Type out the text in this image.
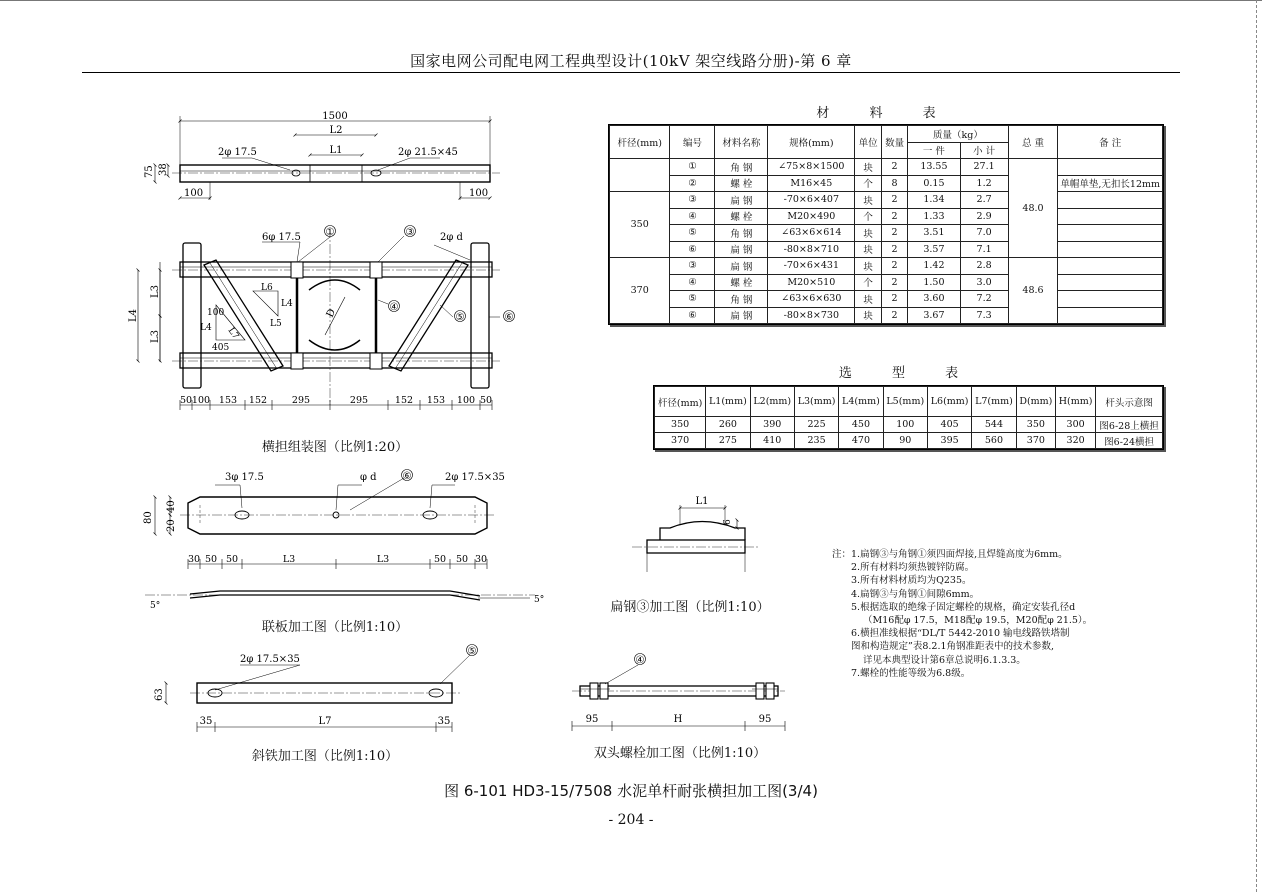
国家电网公司配电网工程典型设计(10kV 架空线路分册)-第 6 章
1500
L2
L1
2φ 17.5	2φ 21.5×45
75 38
100	100
6φ 17.5	2φ d
①	③
④
⑤	⑥
L3
L3
L4	D
L6
L4
L5
100
L4 L7
405
50 100 153 152	295	295	152 153 100 50
3φ 17.5	φ d	⑥	2φ 17.5×35
80
40
20
30 50 50	L3	L3	50 50 30
5°
5°
2φ 17.5×35
⑤
63
35	L7	35
L1
6
④
95	H	95
横担组装图（比例1:20）
联板加工图（比例1:10）
斜铁加工图（比例1:10）
扁钢③加工图（比例1:10）
双头螺栓加工图（比例1:10）
材 料 表
杆径(mm)	编号	材料名称	规格(mm)	单位	数量	质量（kg）		总 重	备 注
						一 件	小 计		
	①	角 钢	∠75×8×1500	块	2	13.55	27.1	48.0	
	②	螺 栓	M16×45	个	8	0.15	1.2		单帽单垫,无扣长12mm
350	③	扁 钢	-70×6×407	块	2	1.34	2.7		
	④	螺 栓	M20×490	个	2	1.33	2.9		
	⑤	角 钢	∠63×6×614	块	2	3.51	7.0		
	⑥	扁 钢	-80×8×710	块	2	3.57	7.1		
370	③	扁 钢	-70×6×431	块	2	1.42	2.8	48.6	
	④	螺 栓	M20×510	个	2	1.50	3.0		
	⑤	角 钢	∠63×6×630	块	2	3.60	7.2		
	⑥	扁 钢	-80×8×730	块	2	3.67	7.3		
选 型 表
杆径(mm)	L1(mm)	L2(mm)	L3(mm)	L4(mm)	L5(mm)	L6(mm)	L7(mm)	D(mm)	H(mm)	杆头示意图
350	260	390	225	450	100	405	544	350	300	图6-28上横担
370	275	410	235	470	90	395	560	370	320	图6-24横担
注： 1.扁钢③与角钢①须四面焊接,且焊缝高度为6mm。
2.所有材料均须热镀锌防腐。
3.所有材料材质均为Q235。
4.扁钢③与角钢①间隙6mm。
5.根据选取的绝缘子固定螺栓的规格，确定安装孔径d
（M16配φ 17.5，M18配φ 19.5，M20配φ 21.5）。
6.横担准线根据“DL/T 5442-2010 输电线路铁塔制
图和构造规定”表8.2.1角钢准距表中的技术参数,
详见本典型设计第6章总说明6.1.3.3。
7.螺栓的性能等级为6.8级。
图 6-101 HD3-15/7508 水泥单杆耐张横担加工图(3/4)
- 204 -
